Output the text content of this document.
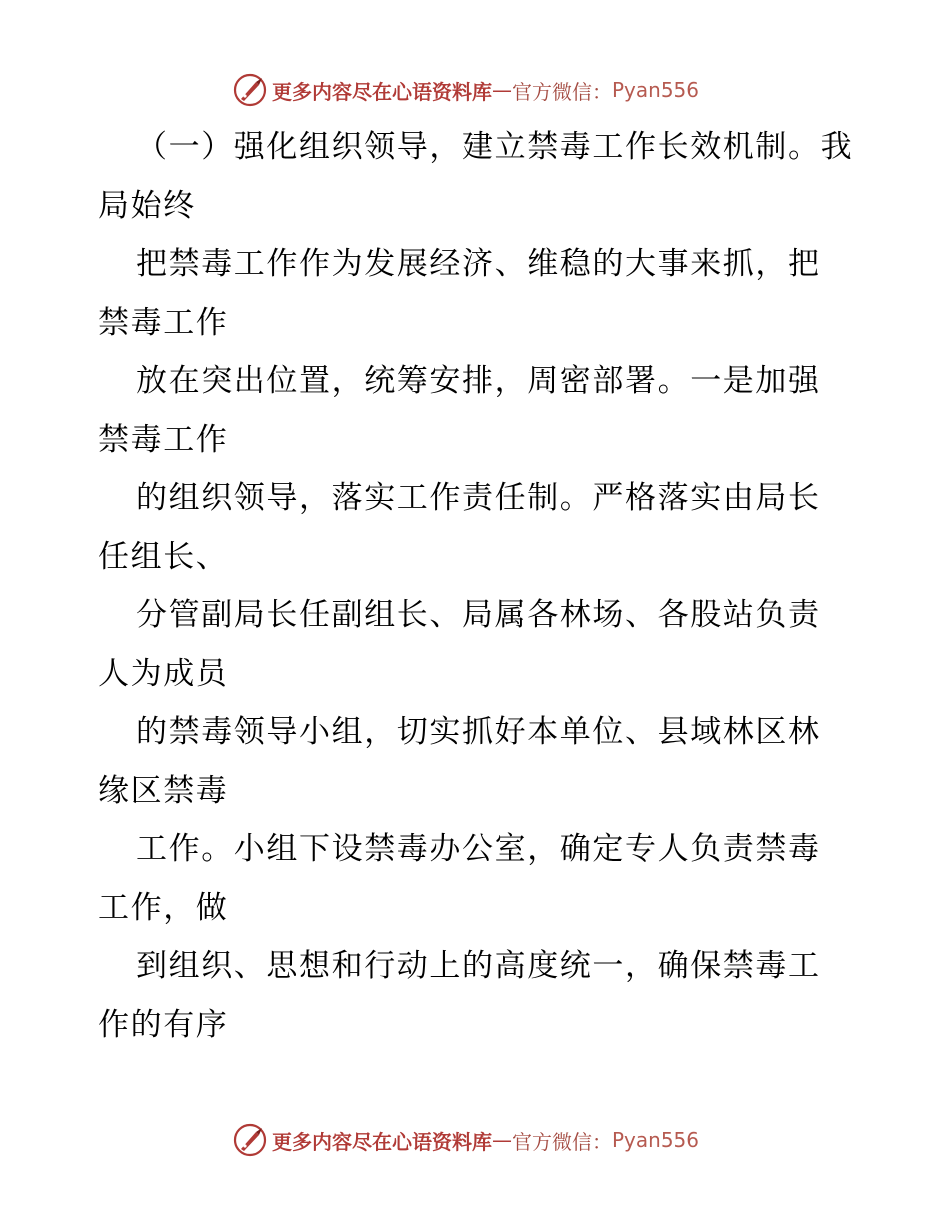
更多内容尽在心语资料库 — 官方微信： Pyan556
（一）强化组织领导，建立禁毒工作长效机制。我
局始终
把禁毒工作作为发展经济、维稳的大事来抓，把
禁毒工作
放在突出位置，统筹安排，周密部署。一是加强
禁毒工作
的组织领导，落实工作责任制。严格落实由局长
任组长、
分管副局长任副组长、局属各林场、各股站负责
人为成员
的禁毒领导小组，切实抓好本单位、县域林区林
缘区禁毒
工作。小组下设禁毒办公室，确定专人负责禁毒
工作，做
到组织、思想和行动上的高度统一，确保禁毒工
作的有序
更多内容尽在心语资料库 — 官方微信： Pyan556
